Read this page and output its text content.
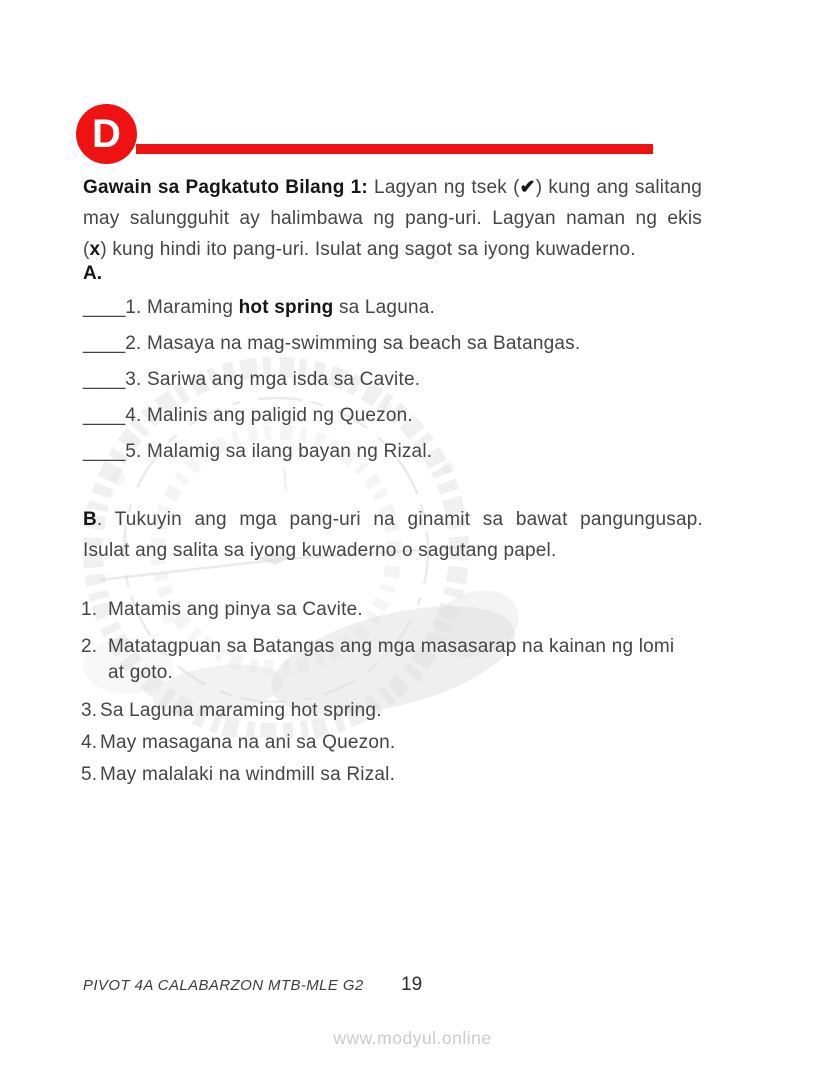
D
Gawain sa Pagkatuto Bilang 1: Lagyan ng tsek (✔) kung ang salitang
may salungguhit ay halimbawa ng pang-uri. Lagyan naman ng ekis
(x) kung hindi ito pang-uri. Isulat ang sagot sa iyong kuwaderno.
A.
____1. Maraming hot spring sa Laguna.
____2. Masaya na mag-swimming sa beach sa Batangas.
____3. Sariwa ang mga isda sa Cavite.
____4. Malinis ang paligid ng Quezon.
____5. Malamig sa ilang bayan ng Rizal.
B. Tukuyin ang mga pang-uri na ginamit sa bawat pangungusap.
Isulat ang salita sa iyong kuwaderno o sagutang papel.
1. Matamis ang pinya sa Cavite.
2. Matatagpuan sa Batangas ang mga masasarap na kainan ng lomi
at goto.
3. Sa Laguna maraming hot spring.
4. May masagana na ani sa Quezon.
5. May malalaki na windmill sa Rizal.
PIVOT 4A CALABARZON MTB-MLE G2 19
www.modyul.online
